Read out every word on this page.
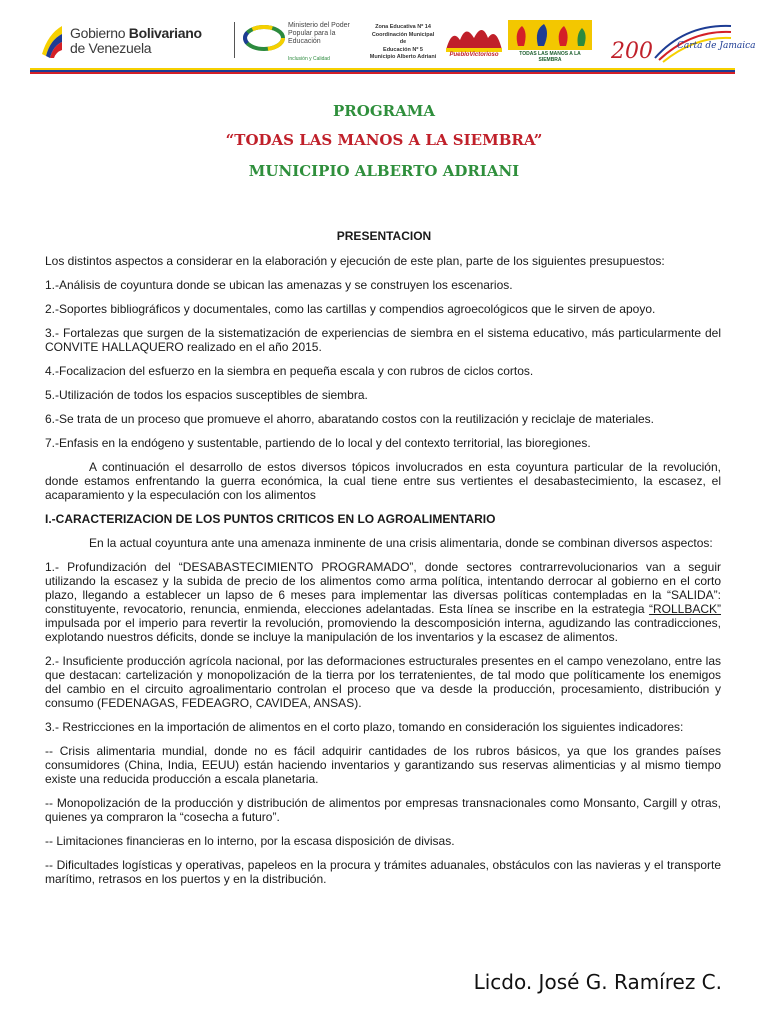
Gobierno Bolivariano
de Venezuela
Ministerio del Poder Popular para la Educación
Inclusión y Calidad
Zona Educativa Nº 14
Coordinación Municipal de
Educación Nº 5
Municipio Alberto Adriani	PuebloVictorioso	TODAS LAS MANOS A LA SIEMBRA	200	Carta de Jamaica
PROGRAMA
“TODAS LAS MANOS A LA SIEMBRA”
MUNICIPIO ALBERTO ADRIANI
PRESENTACION

Los distintos aspectos a considerar en la elaboración y ejecución de este plan, parte de los siguientes presupuestos:

1.-Análisis de coyuntura donde se ubican las amenazas y se construyen los escenarios.

2.-Soportes bibliográficos y documentales, como las cartillas y compendios agroecológicos que le sirven de apoyo.

3.- Fortalezas que surgen de la sistematización de experiencias de siembra en el sistema educativo, más particularmente del CONVITE HALLAQUERO realizado en el año 2015.

4.-Focalizacion del esfuerzo en la siembra en pequeña escala y con rubros de ciclos cortos.

5.-Utilización de todos los espacios susceptibles de siembra.

6.-Se trata de un proceso que promueve el ahorro, abaratando costos con la reutilización y reciclaje de materiales.

7.-Enfasis en la endógeno y sustentable, partiendo de lo local y del contexto territorial, las bioregiones.

A continuación el desarrollo de estos diversos tópicos involucrados en esta coyuntura particular de la revolución, donde estamos enfrentando la guerra económica, la cual tiene entre sus vertientes el desabastecimiento, la escasez, el acaparamiento y la especulación con los alimentos

I.-CARACTERIZACION DE LOS PUNTOS CRITICOS EN LO AGROALIMENTARIO

En la actual coyuntura ante una amenaza inminente de una crisis alimentaria, donde se combinan diversos aspectos:

1.- Profundización del “DESABASTECIMIENTO PROGRAMADO”, donde sectores contrarrevolucionarios van a seguir utilizando la escasez y la subida de precio de los alimentos como arma política, intentando derrocar al gobierno en el corto plazo, llegando a establecer un lapso de 6 meses para implementar las diversas políticas contempladas en la “SALIDA”: constituyente, revocatorio, renuncia, enmienda, elecciones adelantadas. Esta línea se inscribe en la estrategia “ROLLBACK” impulsada por el imperio para revertir la revolución, promoviendo la descomposición interna, agudizando las contradicciones, explotando nuestros déficits, donde se incluye la manipulación de los inventarios y la escasez de alimentos.

2.- Insuficiente producción agrícola nacional, por las deformaciones estructurales presentes en el campo venezolano, entre las que destacan: cartelización y monopolización de la tierra por los terratenientes, de tal modo que políticamente los enemigos del cambio en el circuito agroalimentario controlan el proceso que va desde la producción, procesamiento, distribución y consumo (FEDENAGAS, FEDEAGRO, CAVIDEA, ANSAS).

3.- Restricciones en la importación de alimentos en el corto plazo, tomando en consideración los siguientes indicadores:

-- Crisis alimentaria mundial, donde no es fácil adquirir cantidades de los rubros básicos, ya que los grandes países consumidores (China, India, EEUU) están haciendo inventarios y garantizando sus reservas alimenticias y al mismo tiempo existe una reducida producción a escala planetaria.

-- Monopolización de la producción y distribución de alimentos por empresas transnacionales como Monsanto, Cargill y otras, quienes ya compraron la “cosecha a futuro”.

-- Limitaciones financieras en lo interno, por la escasa disposición de divisas.

-- Dificultades logísticas y operativas, papeleos en la procura y trámites aduanales, obstáculos con las navieras y el transporte marítimo, retrasos en los puertos y en la distribución.

Licdo. José G. Ramírez C.
